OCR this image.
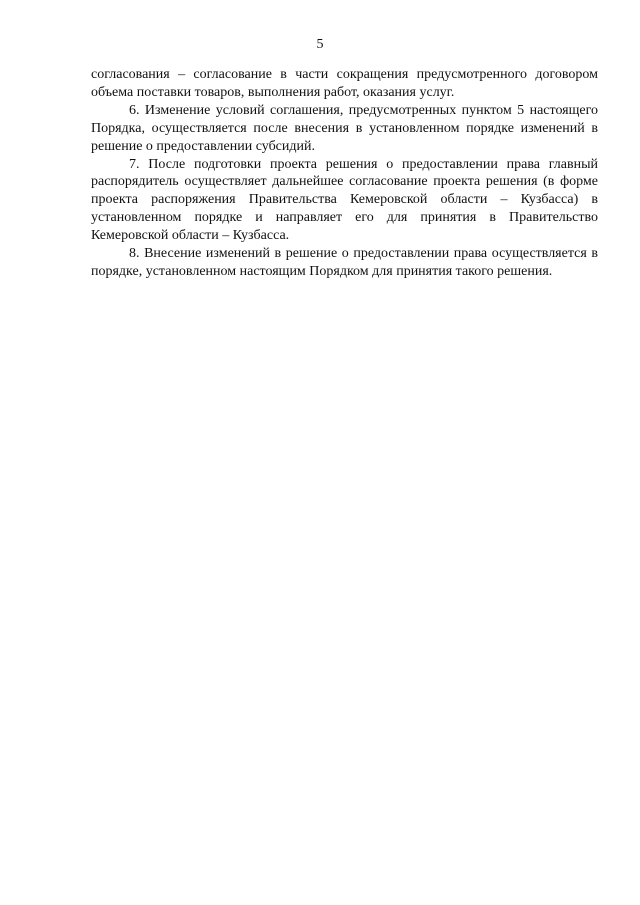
5

согласования – согласование в части сокращения предусмотренного договором объема поставки товаров, выполнения работ, оказания услуг.

6. Изменение условий соглашения, предусмотренных пунктом 5 настоящего Порядка, осуществляется после внесения в установленном порядке изменений в решение о предоставлении субсидий.

7. После подготовки проекта решения о предоставлении права главный распорядитель осуществляет дальнейшее согласование проекта решения (в форме проекта распоряжения Правительства Кемеровской области – Кузбасса) в установленном порядке и направляет его для принятия в Правительство Кемеровской области – Кузбасса.

8. Внесение изменений в решение о предоставлении права осуществляется в порядке, установленном настоящим Порядком для принятия такого решения.
